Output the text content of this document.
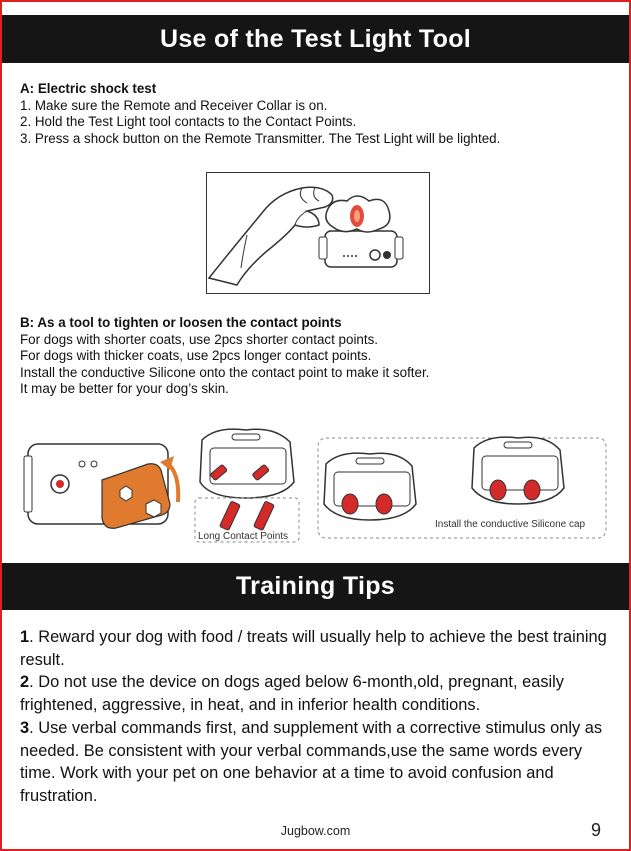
Use of the Test Light Tool
A: Electric shock test
1. Make sure the Remote and Receiver Collar is on.
2. Hold the Test Light tool contacts to the Contact Points.
3. Press a shock button on the Remote Transmitter. The Test Light will be lighted.
B: As a tool to tighten or loosen the contact points
For dogs with shorter coats, use 2pcs shorter contact points.
For dogs with thicker coats, use 2pcs longer contact points.
Install the conductive Silicone onto the contact point to make it softer.
It may be better for your dog’s skin.
Long Contact Points
Install the conductive Silicone cap
Training Tips
1. Reward your dog with food / treats will usually help to achieve the best training result.
2. Do not use the device on dogs aged below 6-month,old, pregnant, easily frightened, aggressive, in heat, and in inferior health conditions.
3. Use verbal commands first, and supplement with a corrective stimulus only as needed. Be consistent with your verbal commands,use the same words every time. Work with your pet on one behavior at a time to avoid confusion and frustration.
Jugbow.com	9
